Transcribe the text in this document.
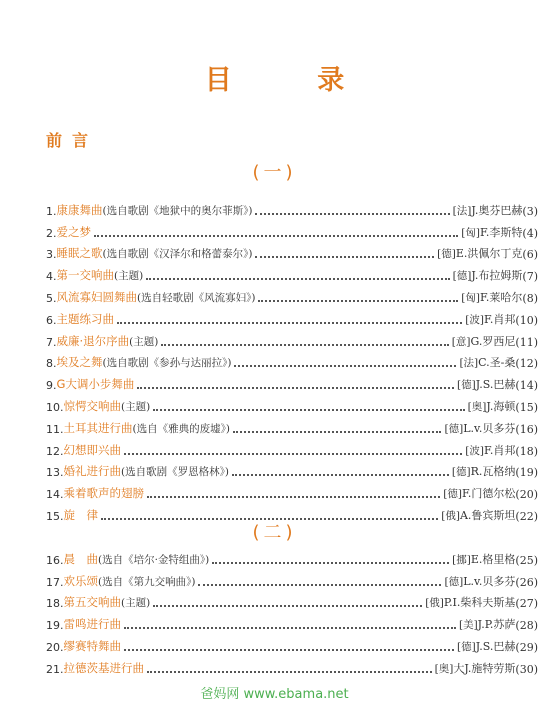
目 录
前言
(一)
1. 康康舞曲 (选自歌剧《地狱中的奥尔菲斯》)	[法] J.奥芬巴赫 (3)
2. 爱之梦	[匈] F.李斯特 (4)
3. 睡眠之歌 (选自歌剧《汉泽尔和格蕾泰尔》)	[德] E.洪佩尔丁克 (6)
4. 第一交响曲 (主题)	[德] J.布拉姆斯 (7)
5. 风流寡妇圆舞曲 (选自轻歌剧《风流寡妇》)	[匈] F.莱哈尔 (8)
6. 主题练习曲	[波] F.肖邦 (10)
7. 威廉·退尔序曲 (主题)	[意] G.罗西尼 (11)
8. 埃及之舞 (选自歌剧《参孙与达丽拉》)	[法] C.圣-桑 (12)
9. G大调小步舞曲	[德] J.S.巴赫 (14)
10. 惊愕交响曲 (主题)	[奥] J.海顿 (15)
11. 土耳其进行曲 (选自《雅典的废墟》)	[德] L.v.贝多芬 (16)
12. 幻想即兴曲	[波] F.肖邦 (18)
13. 婚礼进行曲 (选自歌剧《罗恩格林》)	[德] R.瓦格纳 (19)
14. 乘着歌声的翅膀	[德] F.门德尔松 (20)
15. 旋　律	[俄] A.鲁宾斯坦 (22)
(二)
16. 晨　曲 (选自《培尔·金特组曲》)	[挪] E.格里格 (25)
17. 欢乐颂 (选自《第九交响曲》)	[德] L.v.贝多芬 (26)
18. 第五交响曲 (主题)	[俄] P.I.柴科夫斯基 (27)
19. 雷鸣进行曲	[美] J.P.苏萨 (28)
20. 缪赛特舞曲	[德] J.S.巴赫 (29)
21. 拉德茨基进行曲	[奥] 大J.施特劳斯 (30)
爸妈网 www.ebama.net
